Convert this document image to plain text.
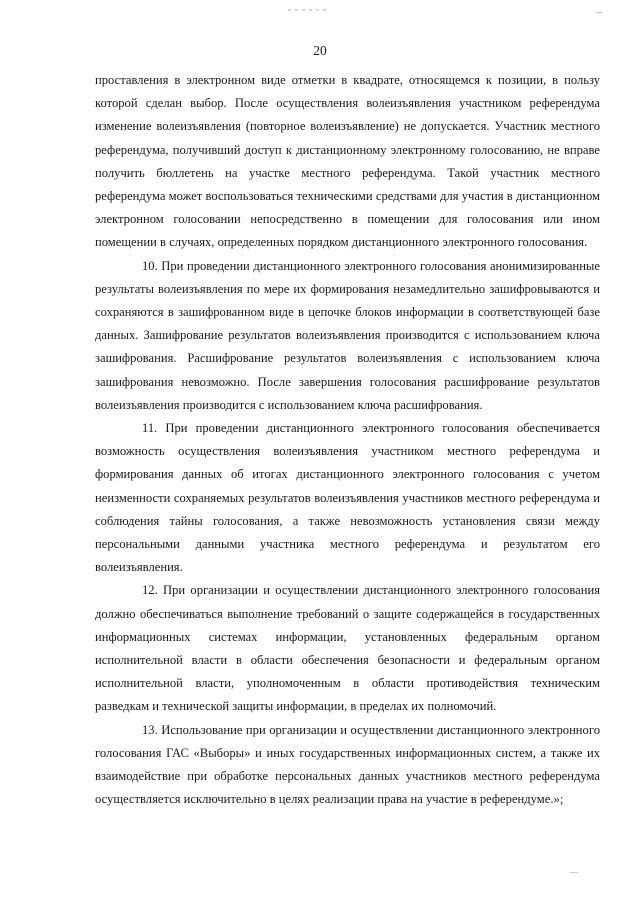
20

проставления в электронном виде отметки в квадрате, относящемся к позиции, в пользу которой сделан выбор. После осуществления волеизъявления участником референдума изменение волеизъявления (повторное волеизъявление) не допускается. Участник местного референдума, получивший доступ к дистанционному электронному голосованию, не вправе получить бюллетень на участке местного референдума. Такой участник местного референдума может воспользоваться техническими средствами для участия в дистанционном электронном голосовании непосредственно в помещении для голосования или ином помещении в случаях, определенных порядком дистанционного электронного голосования.

10. При проведении дистанционного электронного голосования анонимизированные результаты волеизъявления по мере их формирования незамедлительно зашифровываются и сохраняются в зашифрованном виде в цепочке блоков информации в соответствующей базе данных. Зашифрование результатов волеизъявления производится с использованием ключа зашифрования. Расшифрование результатов волеизъявления с использованием ключа зашифрования невозможно. После завершения голосования расшифрование результатов волеизъявления производится с использованием ключа расшифрования.

11. При проведении дистанционного электронного голосования обеспечивается возможность осуществления волеизъявления участником местного референдума и формирования данных об итогах дистанционного электронного голосования с учетом неизменности сохраняемых результатов волеизъявления участников местного референдума и соблюдения тайны голосования, а также невозможность установления связи между персональными данными участника местного референдума и результатом его волеизъявления.

12. При организации и осуществлении дистанционного электронного голосования должно обеспечиваться выполнение требований о защите содержащейся в государственных информационных системах информации, установленных федеральным органом исполнительной власти в области обеспечения безопасности и федеральным органом исполнительной власти, уполномоченным в области противодействия техническим разведкам и технической защиты информации, в пределах их полномочий.

13. Использование при организации и осуществлении дистанционного электронного голосования ГАС «Выборы» и иных государственных информационных систем, а также их взаимодействие при обработке персональных данных участников местного референдума осуществляется исключительно в целях реализации права на участие в референдуме.»;
